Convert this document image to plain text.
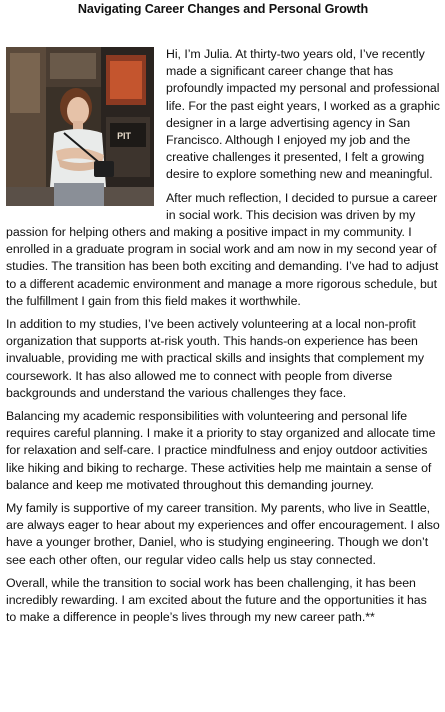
Navigating Career Changes and Personal Growth
PIT

Hi, I’m Julia. At thirty-two years old, I’ve recently made a significant career change that has profoundly impacted my personal and professional life. For the past eight years, I worked as a graphic designer in a large advertising agency in San Francisco. Although I enjoyed my job and the creative challenges it presented, I felt a growing desire to explore something new and meaningful.

After much reflection, I decided to pursue a career in social work. This decision was driven by my passion for helping others and making a positive impact in my community. I enrolled in a graduate program in social work and am now in my second year of studies. The transition has been both exciting and demanding. I’ve had to adjust to a different academic environment and manage a more rigorous schedule, but the fulfillment I gain from this field makes it worthwhile.

In addition to my studies, I’ve been actively volunteering at a local non-profit organization that supports at-risk youth. This hands-on experience has been invaluable, providing me with practical skills and insights that complement my coursework. It has also allowed me to connect with people from diverse backgrounds and understand the various challenges they face.

Balancing my academic responsibilities with volunteering and personal life requires careful planning. I make it a priority to stay organized and allocate time for relaxation and self-care. I practice mindfulness and enjoy outdoor activities like hiking and biking to recharge. These activities help me maintain a sense of balance and keep me motivated throughout this demanding journey.

My family is supportive of my career transition. My parents, who live in Seattle, are always eager to hear about my experiences and offer encouragement. I also have a younger brother, Daniel, who is studying engineering. Though we don’t see each other often, our regular video calls help us stay connected.

Overall, while the transition to social work has been challenging, it has been incredibly rewarding. I am excited about the future and the opportunities it has to make a difference in people’s lives through my new career path.**
